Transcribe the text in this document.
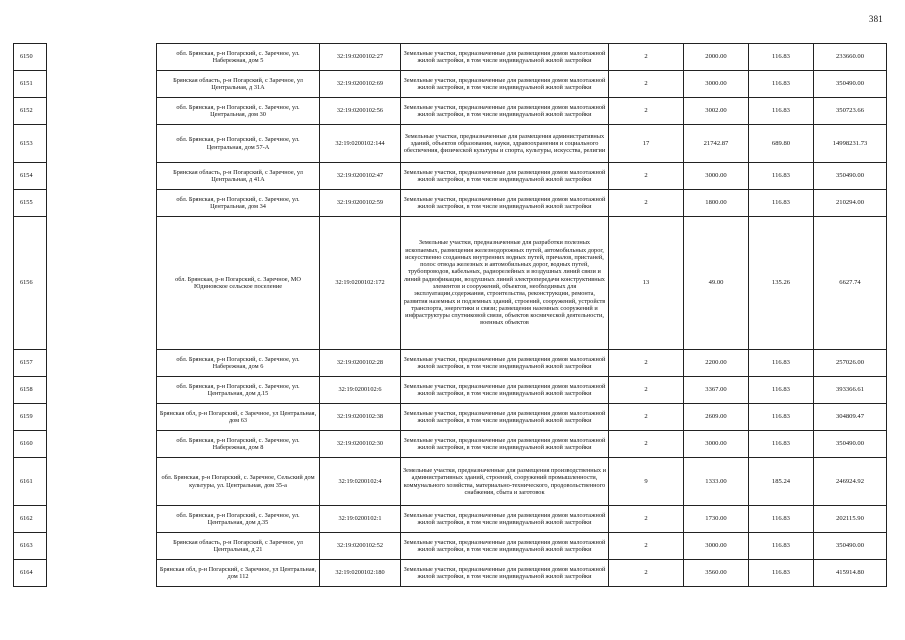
381
6150		обл. Брянская, р-н Погарский, с. Заречное, ул. Набережная, дом 5	32:19:0200102:27	Земельные участки, предназначенные для размещения домов малоэтажной жилой застройки, в том числе индивидуальной жилой застройки	2	2000.00	116.83	233660.00
6151		Брянская область, р-н Погарский, с Заречное, ул Центральная, д 31А	32:19:0200102:69	Земельные участки, предназначенные для размещения домов малоэтажной жилой застройки, в том числе индивидуальной жилой застройки	2	3000.00	116.83	350490.00
6152		обл. Брянская, р-н Погарский, с. Заречное, ул. Центральная, дом 30	32:19:0200102:56	Земельные участки, предназначенные для размещения домов малоэтажной жилой застройки, в том числе индивидуальной жилой застройки	2	3002.00	116.83	350723.66
6153		обл. Брянская, р-н Погарский, с. Заречное, ул. Центральная, дом 57-А	32:19:0200102:144	Земельные участки, предназначенные для размещения административных зданий, объектов образования, науки, здравоохранения и социального обеспечения, физической культуры и спорта, культуры, искусства, религии	17	21742.87	689.80	14998231.73
6154		Брянская область, р-н Погарский, с Заречное, ул Центральная, д 41А	32:19:0200102:47	Земельные участки, предназначенные для размещения домов малоэтажной жилой застройки, в том числе индивидуальной жилой застройки	2	3000.00	116.83	350490.00
6155		обл. Брянская, р-н Погарский, с. Заречное, ул. Центральная, дом 34	32:19:0200102:59	Земельные участки, предназначенные для размещения домов малоэтажной жилой застройки, в том числе индивидуальной жилой застройки	2	1800.00	116.83	210294.00
6156		обл. Брянская, р-н Погарский, с. Заречное, МО Юдиновское сельское поселение	32:19:0200102:172	Земельные участки, предназначенные для разработки полезных ископаемых, размещения железнодорожных путей, автомобильных дорог, искусственно созданных внутренних водных путей, причалов, пристаней, полос отвода железных и автомобильных дорог, водных путей, трубопроводов, кабельных, радиорелейных и воздушных линий связи и линий радиофикации, воздушных линий электропередачи конструктивных элементов и сооружений, объектов, необходимых для эксплуатации,содержания, строительства, реконструкции, ремонта, развития наземных и подземных зданий, строений, сооружений, устройств транспорта, энергетики и связи; размещения наземных сооружений и инфраструктуры спутниковой связи, объектов космической деятельности, военных объектов	13	49.00	135.26	6627.74
6157		обл. Брянская, р-н Погарский, с. Заречное, ул. Набережная, дом 6	32:19:0200102:28	Земельные участки, предназначенные для размещения домов малоэтажной жилой застройки, в том числе индивидуальной жилой застройки	2	2200.00	116.83	257026.00
6158		обл. Брянская, р-н Погарский, с. Заречное, ул. Центральная, дом д.15	32:19:0200102:6	Земельные участки, предназначенные для размещения домов малоэтажной жилой застройки, в том числе индивидуальной жилой застройки	2	3367.00	116.83	393366.61
6159		Брянская обл, р-н Погарский, с Заречное, ул Центральная, дом 63	32:19:0200102:38	Земельные участки, предназначенные для размещения домов малоэтажной жилой застройки, в том числе индивидуальной жилой застройки	2	2609.00	116.83	304809.47
6160		обл. Брянская, р-н Погарский, с. Заречное, ул. Набережная, дом 8	32:19:0200102:30	Земельные участки, предназначенные для размещения домов малоэтажной жилой застройки, в том числе индивидуальной жилой застройки	2	3000.00	116.83	350490.00
6161		обл. Брянская, р-н Погарский, с. Заречное, Сельский дом культуры, ул. Центральная, дом 35-а	32:19:0200102:4	Земельные участки, предназначенные для размещения производственных и административных зданий, строений, сооружений промышленности, коммунального хозяйства, материально-технического, продовольственного снабжения, сбыта и заготовок	9	1333.00	185.24	246924.92
6162		обл. Брянская, р-н Погарский, с. Заречное, ул. Центральная, дом д.35	32:19:0200102:1	Земельные участки, предназначенные для размещения домов малоэтажной жилой застройки, в том числе индивидуальной жилой застройки	2	1730.00	116.83	202115.90
6163		Брянская область, р-н Погарский, с Заречное, ул Центральная, д 21	32:19:0200102:52	Земельные участки, предназначенные для размещения домов малоэтажной жилой застройки, в том числе индивидуальной жилой застройки	2	3000.00	116.83	350490.00
6164		Брянская обл, р-н Погарский, с Заречное, ул Центральная, дом 112	32:19:0200102:180	Земельные участки, предназначенные для размещения домов малоэтажной жилой застройки, в том числе индивидуальной жилой застройки	2	3560.00	116.83	415914.80
